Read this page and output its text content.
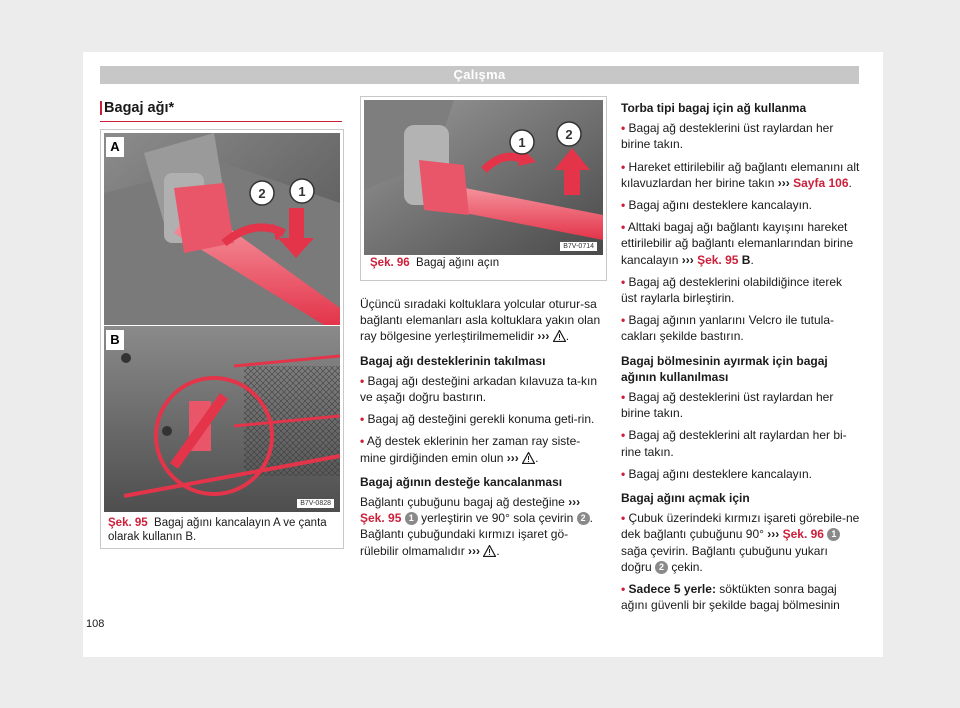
Çalışma
Bagaj ağı*
2	1
A
B
B7V-0828
Şek. 95 Bagaj ağını kancalayın A ve çanta olarak kullanın B.
1
2
B7V-0714
Şek. 96 Bagaj ağını açın

Üçüncü sıradaki koltuklara yolcular oturur-sa bağlantı elemanları asla koltuklara yakın olan ray bölgesine yerleştirilmemelidir ››› .

Bagaj ağı desteklerinin takılması

• Bagaj ağı desteğini arkadan kılavuza ta-kın ve aşağı doğru bastırın.

• Bagaj ağ desteğini gerekli konuma geti-rin.

• Ağ destek eklerinin her zaman ray siste-mine girdiğinden emin olun ››› .

Bagaj ağının desteğe kancalanması

Bağlantı çubuğunu bagaj ağ desteğine ››› Şek. 95 1 yerleştirin ve 90° sola çevirin 2 . Bağlantı çubuğundaki kırmızı işaret gö-rülebilir olmamalıdır ››› .

Torba tipi bagaj için ağ kullanma

• Bagaj ağ desteklerini üst raylardan her birine takın.

• Hareket ettirilebilir ağ bağlantı elemanını alt kılavuzlardan her birine takın ››› Sayfa 106.

• Bagaj ağını desteklere kancalayın.

• Alttaki bagaj ağı bağlantı kayışını hareket ettirilebilir ağ bağlantı elemanlarından birine kancalayın ››› Şek. 95 B.

• Bagaj ağ desteklerini olabildiğince iterek üst raylarla birleştirin.

• Bagaj ağının yanlarını Velcro ile tutula-cakları şekilde bastırın.

Bagaj bölmesinin ayırmak için bagaj ağının kullanılması

• Bagaj ağ desteklerini üst raylardan her birine takın.

• Bagaj ağ desteklerini alt raylardan her bi-rine takın.

• Bagaj ağını desteklere kancalayın.

Bagaj ağını açmak için

• Çubuk üzerindeki kırmızı işareti görebile-ne dek bağlantı çubuğunu 90° ››› Şek. 96 1 sağa çevirin. Bağlantı çubuğunu yukarı doğru 2 çekin.

• Sadece 5 yerle: söktükten sonra bagaj ağını güvenli bir şekilde bagaj bölmesinin

108
